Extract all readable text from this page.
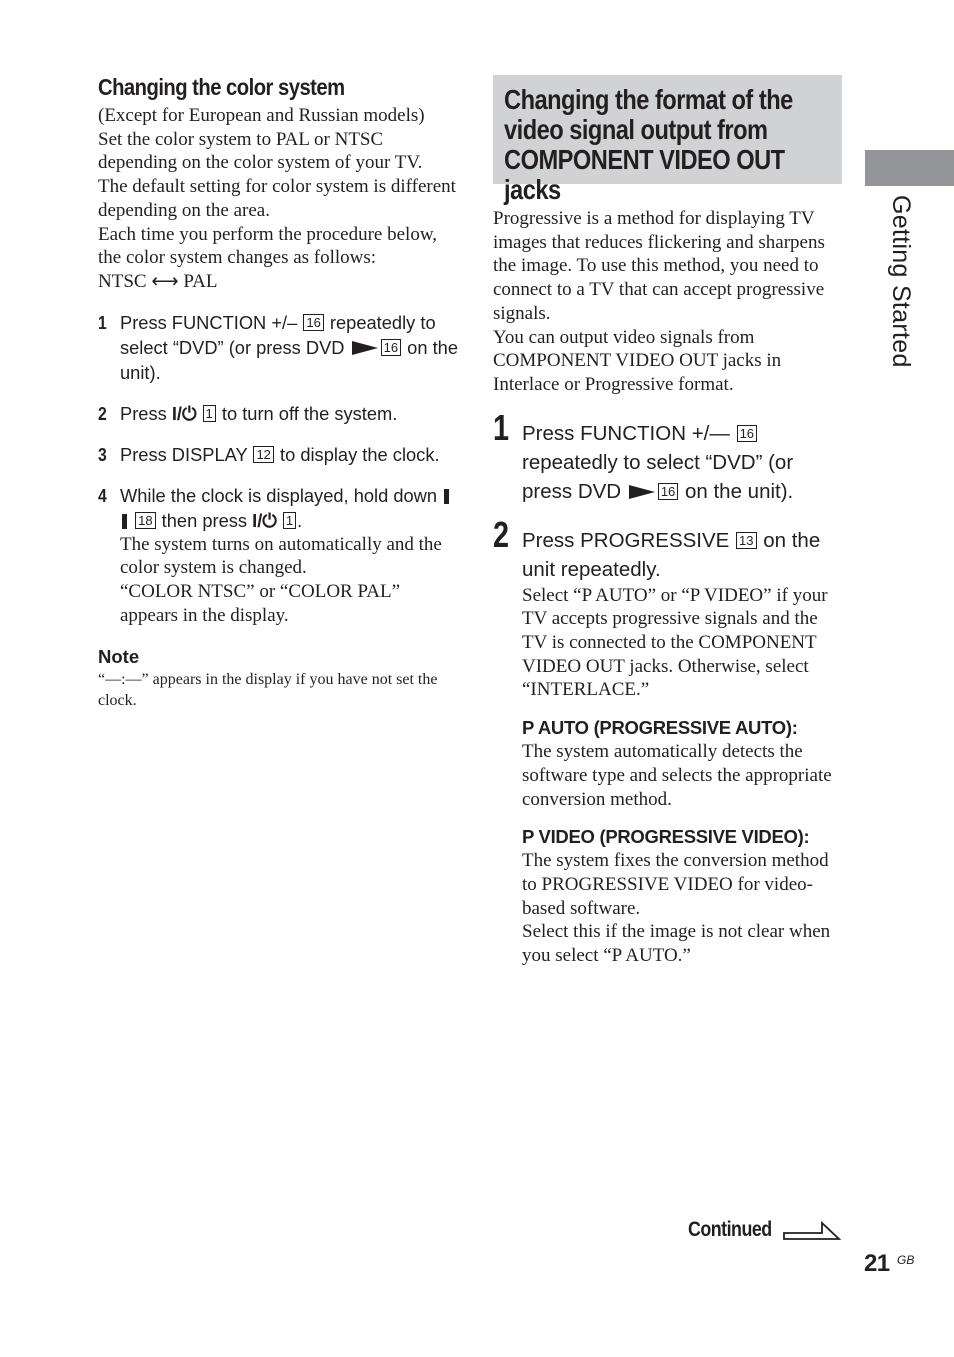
Changing the color system

(Except for European and Russian models)

Set the color system to PAL or NTSC depending on the color system of your TV.

The default setting for color system is different depending on the area.

Each time you perform the procedure below, the color system changes as follows:

NTSC ⟷ PAL

1 Press FUNCTION +/– 16 repeatedly to select “DVD” (or press DVD	16 on the unit).
2 Press I/⏻ 1 to turn off the system.
3 Press DISPLAY 12 to display the clock.
4 While the clock is displayed, hold down  18 then press I/⏻ 1 .

The system turns on automatically and the color system is changed.

“COLOR NTSC” or “COLOR PAL” appears in the display.

Note

“––:––” appears in the display if you have not set the clock.

Changing the format of the video signal output from COMPONENT VIDEO OUT jacks

Progressive is a method for displaying TV images that reduces flickering and sharpens the image. To use this method, you need to connect to a TV that can accept progressive signals.

You can output video signals from COMPONENT VIDEO OUT jacks in Interlace or Progressive format.

1 Press FUNCTION +/— 16 repeatedly to select “DVD” (or press DVD	16 on the unit).
2 Press PROGRESSIVE 13 on the unit repeatedly.

Select “P AUTO” or “P VIDEO” if your TV accepts progressive signals and the TV is connected to the COMPONENT VIDEO OUT jacks. Otherwise, select “INTERLACE.”

P AUTO (PROGRESSIVE AUTO):

The system automatically detects the software type and selects the appropriate conversion method.

P VIDEO (PROGRESSIVE VIDEO):

The system fixes the conversion method to PROGRESSIVE VIDEO for video-based software.

Select this if the image is not clear when you select “P AUTO.”

Getting Started
Continued
21 GB
